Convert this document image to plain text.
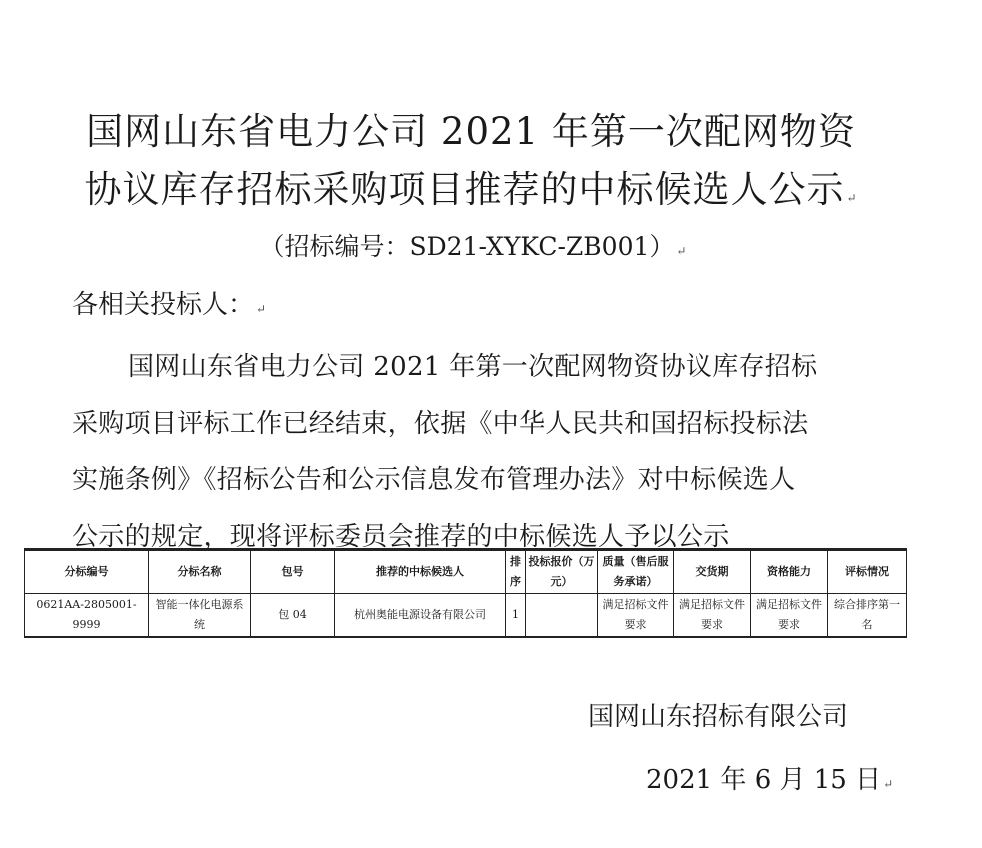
国网山东省电力公司 2021 年第一次配网物资
协议库存招标采购项目推荐的中标候选人公示 ↵
（招标编号：SD21-XYKC-ZB001） ↵
各相关投标人： ↵
国网山东省电力公司 2021 年第一次配网物资协议库存招标
采购项目评标工作已经结束，依据《中华人民共和国招标投标法
实施条例》《招标公告和公示信息发布管理办法》对中标候选人
公示的规定，现将评标委员会推荐的中标候选人予以公示
分标编号	分标名称	包号	推荐的中标候选人	排序	投标报价（万元）	质量（售后服务承诺）	交货期	资格能力	评标情况
0621AA-2805001-9999	智能一体化电源系统	包 04	杭州奥能电源设备有限公司	1		满足招标文件要求	满足招标文件要求	满足招标文件要求	综合排序第一名
国网山东招标有限公司
2021 年 6 月 15 日 ↵
